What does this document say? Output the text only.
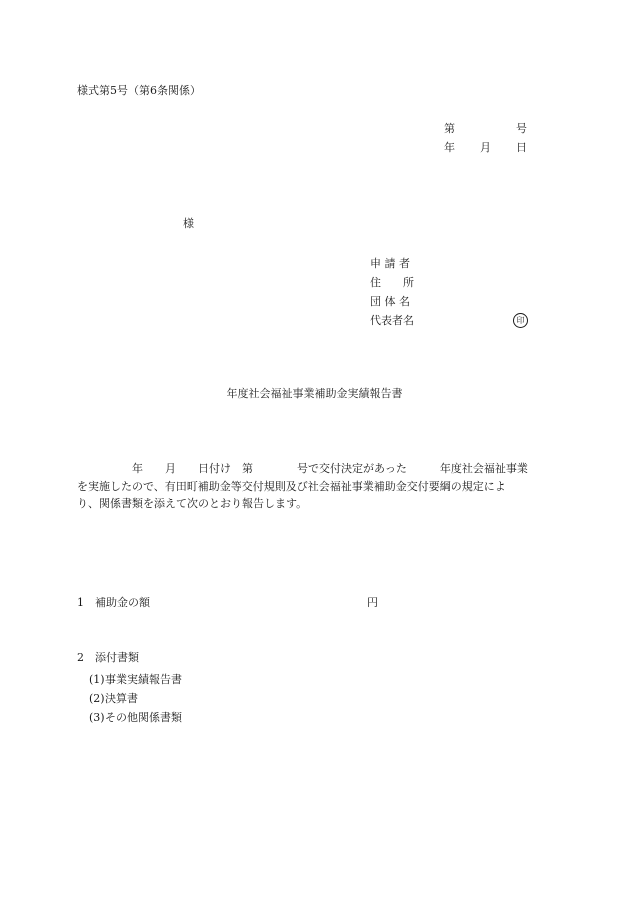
様式第5号（第6条関係）
第	号
年 月 日
様
申 請 者
住　　所
団 体 名
代表者名	印
年度社会福祉事業補助金実績報告書
　　　　　年　　月　　日付け　第　　　　号で交付決定があった　　　年度社会福祉事業
を実施したので、有田町補助金等交付規則及び社会福祉事業補助金交付要綱の規定によ
り、関係書類を添えて次のとおり報告します。
1　補助金の額	円
2　添付書類
(1) 事業実績報告書
(2) 決算書
(3) その他関係書類
